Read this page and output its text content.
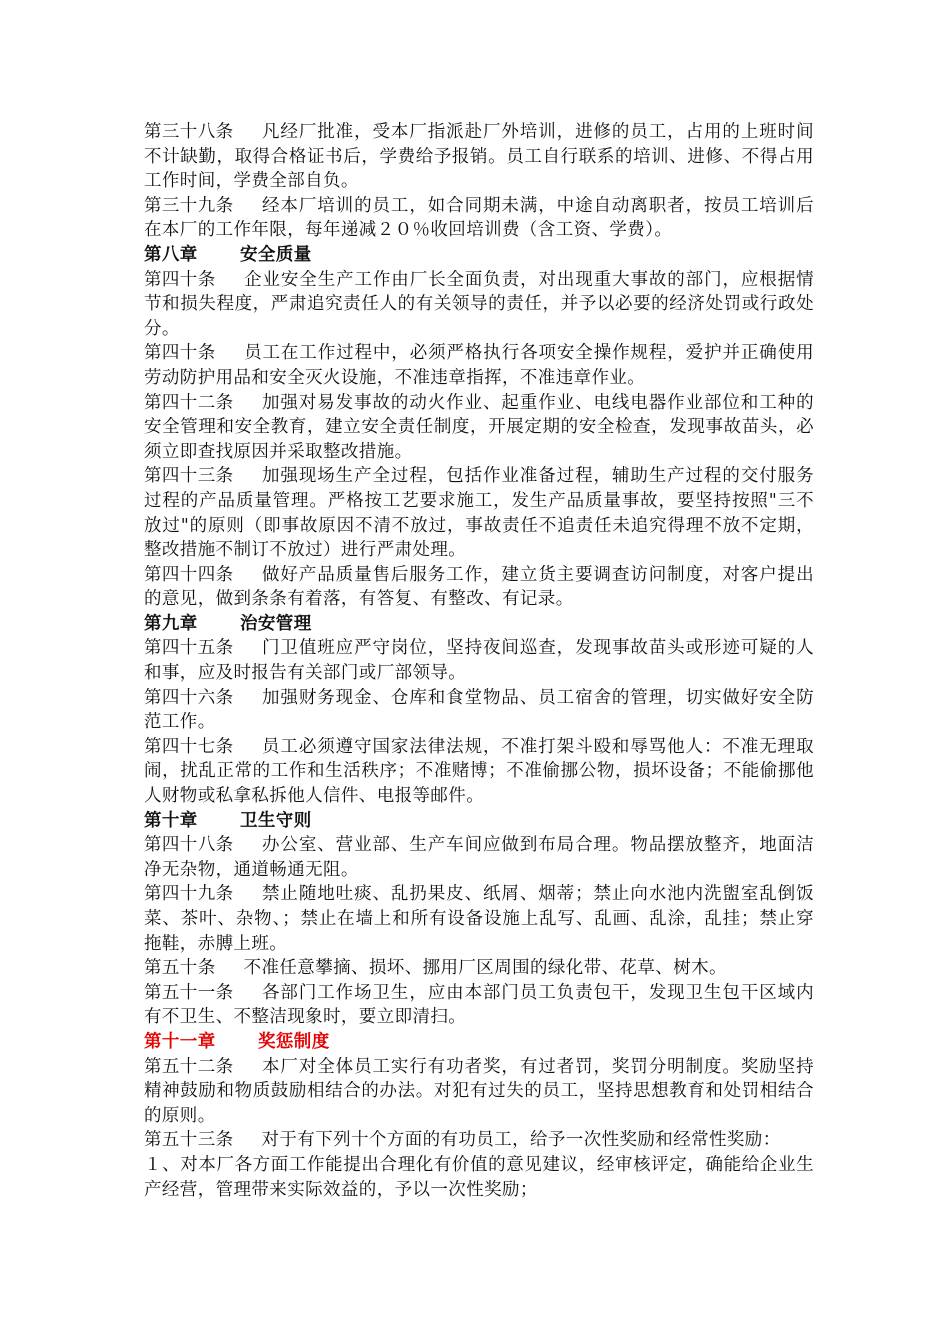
第三十八条 凡经厂批准，受本厂指派赴厂外培训，进修的员工，占用的上班时间不计缺勤，取得合格证书后，学费给予报销。员工自行联系的培训、进修、不得占用工作时间，学费全部自负。

第三十九条 经本厂培训的员工，如合同期未满，中途自动离职者，按员工培训后在本厂的工作年限，每年递减２０％收回培训费（含工资、学费）。

第八章 安全质量

第四十条 企业安全生产工作由厂长全面负责，对出现重大事故的部门，应根据情节和损失程度，严肃追究责任人的有关领导的责任，并予以必要的经济处罚或行政处分。

第四十条 员工在工作过程中，必须严格执行各项安全操作规程，爱护并正确使用劳动防护用品和安全灭火设施，不准违章指挥，不准违章作业。

第四十二条 加强对易发事故的动火作业、起重作业、电线电器作业部位和工种的安全管理和安全教育，建立安全责任制度，开展定期的安全检查，发现事故苗头，必须立即查找原因并采取整改措施。

第四十三条 加强现场生产全过程，包括作业准备过程，辅助生产过程的交付服务过程的产品质量管理。严格按工艺要求施工，发生产品质量事故，要坚持按照"三不放过"的原则（即事故原因不清不放过，事故责任不追责任未追究得理不放不定期，整改措施不制订不放过）进行严肃处理。

第四十四条 做好产品质量售后服务工作，建立货主要调查访问制度，对客户提出的意见，做到条条有着落，有答复、有整改、有记录。

第九章 治安管理

第四十五条 门卫值班应严守岗位，坚持夜间巡查，发现事故苗头或形迹可疑的人和事，应及时报告有关部门或厂部领导。

第四十六条 加强财务现金、仓库和食堂物品、员工宿舍的管理，切实做好安全防范工作。

第四十七条 员工必须遵守国家法律法规，不准打架斗殴和辱骂他人：不准无理取闹，扰乱正常的工作和生活秩序；不准赌博；不准偷挪公物，损坏设备；不能偷挪他人财物或私拿私拆他人信件、电报等邮件。

第十章 卫生守则

第四十八条 办公室、营业部、生产车间应做到布局合理。物品摆放整齐，地面洁净无杂物，通道畅通无阻。

第四十九条 禁止随地吐痰、乱扔果皮、纸屑、烟蒂；禁止向水池内洗盥室乱倒饭菜、茶叶、杂物、；禁止在墙上和所有设备设施上乱写、乱画、乱涂，乱挂；禁止穿拖鞋，赤膊上班。

第五十条 不准任意攀摘、损坏、挪用厂区周围的绿化带、花草、树木。

第五十一条 各部门工作场卫生，应由本部门员工负责包干，发现卫生包干区域内有不卫生、不整洁现象时，要立即清扫。

第十一章 奖惩制度

第五十二条 本厂对全体员工实行有功者奖，有过者罚，奖罚分明制度。奖励坚持精神鼓励和物质鼓励相结合的办法。对犯有过失的员工，坚持思想教育和处罚相结合的原则。

第五十三条 对于有下列十个方面的有功员工，给予一次性奖励和经常性奖励：

１、对本厂各方面工作能提出合理化有价值的意见建议，经审核评定，确能给企业生产经营，管理带来实际效益的，予以一次性奖励；
